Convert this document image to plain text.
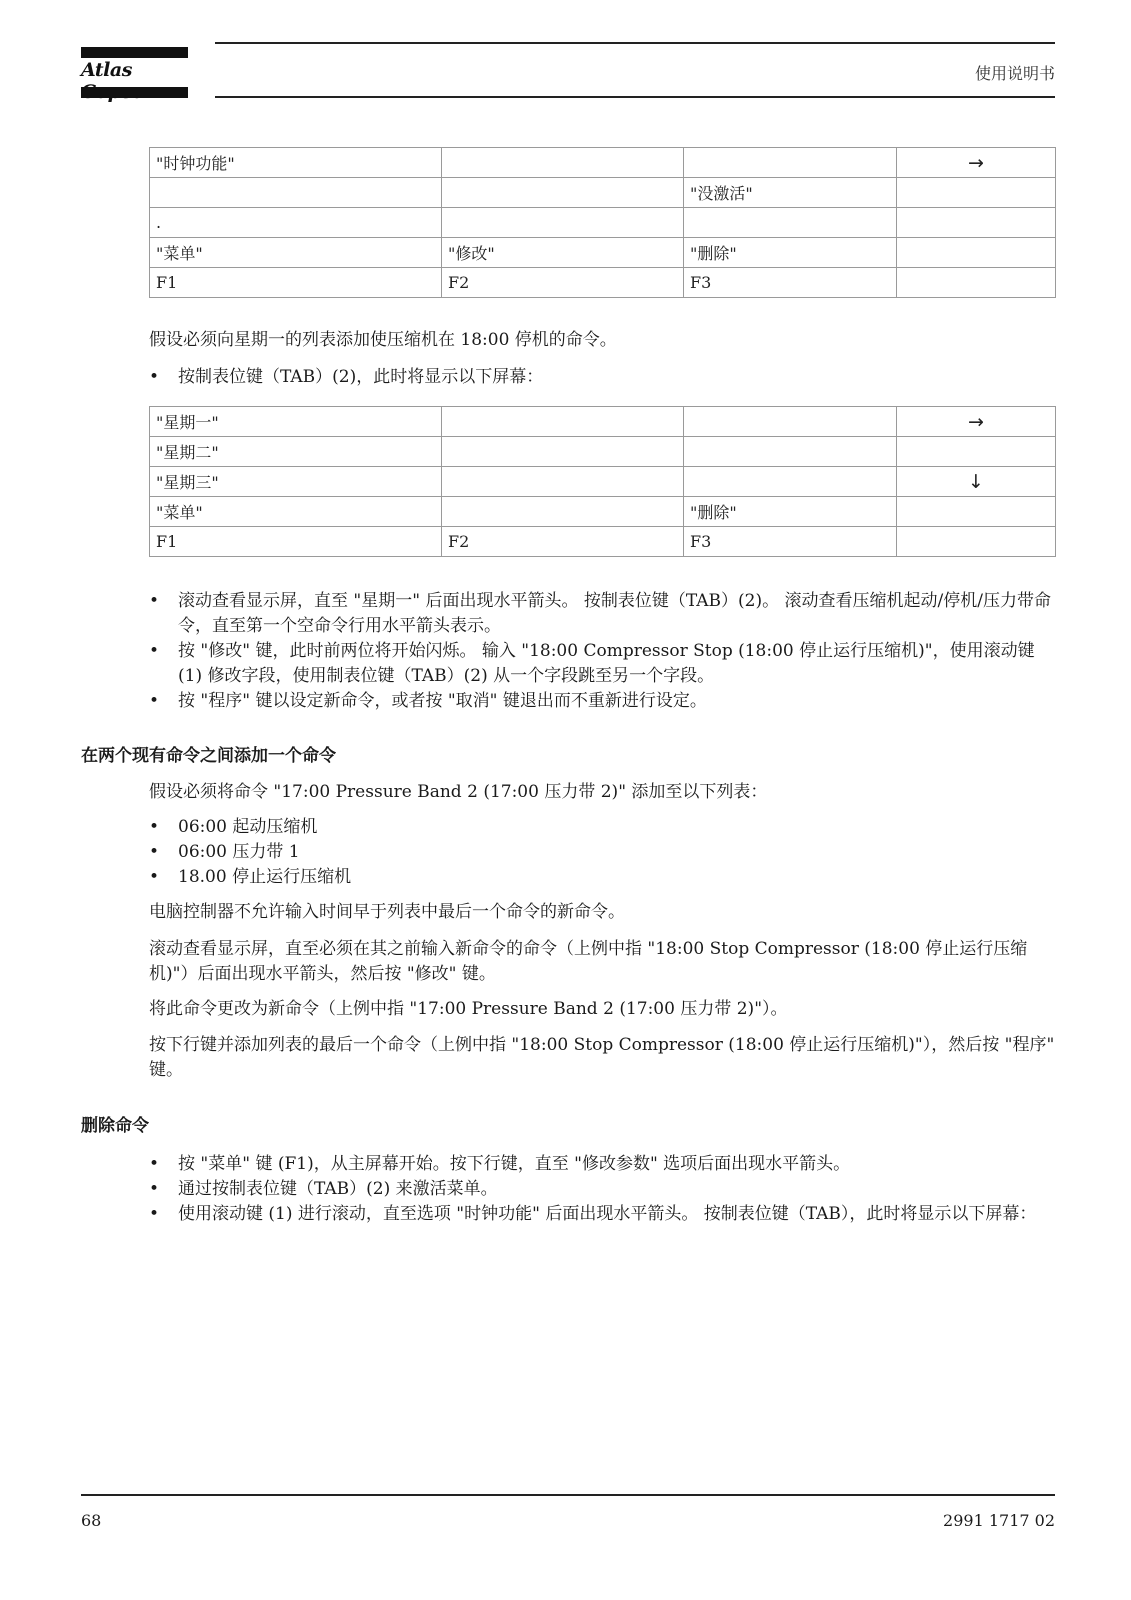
Atlas	使用说明书
"时钟功能"			→
		"没激活"	
.			
"菜单"	"修改"	"删除"	
F1	F2	F3	
假设必须向星期一的列表添加使压缩机在 18:00 停机的命令。
• 按制表位键（TAB）(2)，此时将显示以下屏幕：
"星期一"			→
"星期二"			
"星期三"			↓
"菜单"		"删除"	
F1	F2	F3	
• 滚动查看显示屏，直至 "星期一" 后面出现水平箭头。 按制表位键（TAB）(2)。 滚动查看压缩机起动/停机/压力带命令，直至第一个空命令行用水平箭头表示。
• 按 "修改" 键，此时前两位将开始闪烁。 输入 "18:00 Compressor Stop (18:00 停止运行压缩机)"，使用滚动键 (1) 修改字段，使用制表位键（TAB）(2) 从一个字段跳至另一个字段。
• 按 "程序" 键以设定新命令，或者按 "取消" 键退出而不重新进行设定。
在两个现有命令之间添加一个命令
假设必须将命令 "17:00 Pressure Band 2 (17:00 压力带 2)" 添加至以下列表：
• 06:00 起动压缩机
• 06:00 压力带 1
• 18.00 停止运行压缩机
电脑控制器不允许输入时间早于列表中最后一个命令的新命令。
滚动查看显示屏，直至必须在其之前输入新命令的命令（上例中指 "18:00 Stop Compressor (18:00 停止运行压缩机)"）后面出现水平箭头，然后按 "修改" 键。
将此命令更改为新命令（上例中指 "17:00 Pressure Band 2 (17:00 压力带 2)"）。
按下行键并添加列表的最后一个命令（上例中指 "18:00 Stop Compressor (18:00 停止运行压缩机)"），然后按 "程序" 键。
删除命令
• 按 "菜单" 键 (F1)，从主屏幕开始。按下行键，直至 "修改参数" 选项后面出现水平箭头。
• 通过按制表位键（TAB）(2) 来激活菜单。
• 使用滚动键 (1) 进行滚动，直至选项 "时钟功能" 后面出现水平箭头。 按制表位键（TAB），此时将显示以下屏幕：
68	2991 1717 02
